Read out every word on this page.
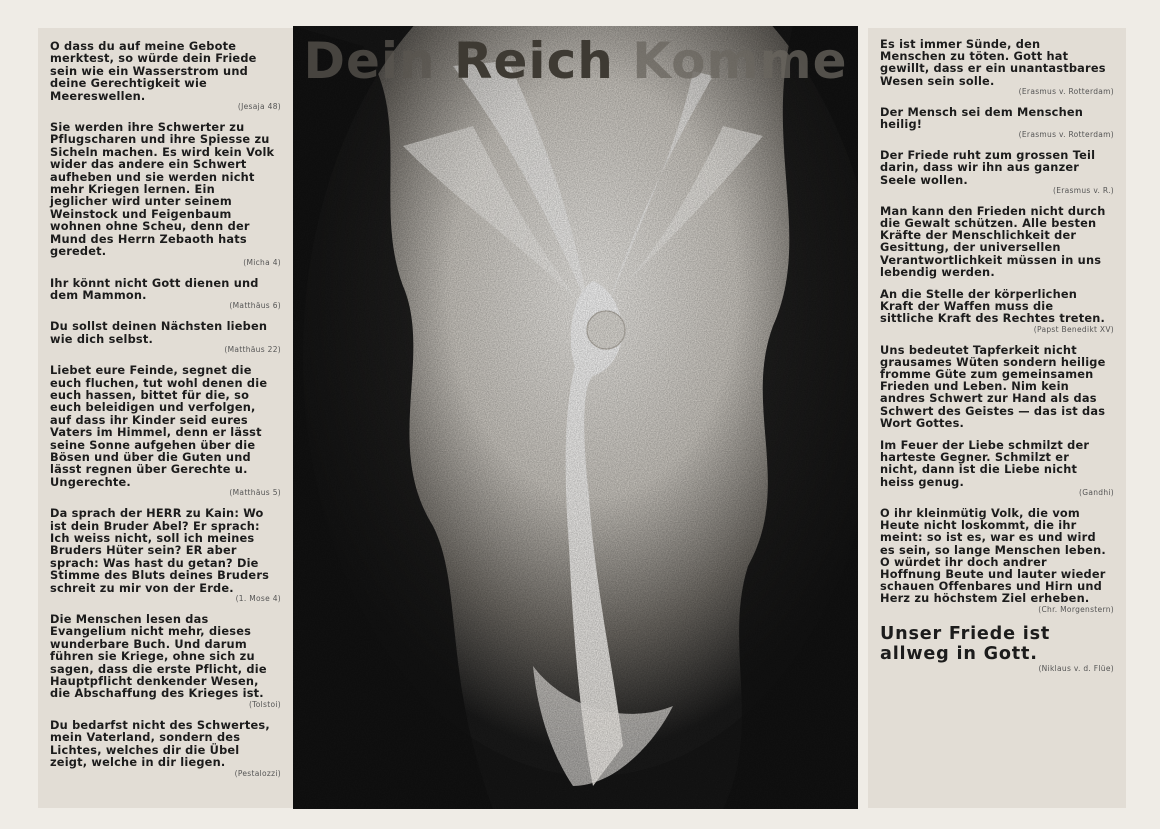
O dass du auf meine Gebote merktest, so würde dein Friede sein wie ein Wasserstrom und deine Gerechtigkeit wie Meereswellen.
(Jesaja 48)
Sie werden ihre Schwerter zu Pflugscharen und ihre Spiesse zu Sicheln machen. Es wird kein Volk wider das andere ein Schwert aufheben und sie werden nicht mehr Kriegen lernen. Ein jeglicher wird unter seinem Weinstock und Feigenbaum wohnen ohne Scheu, denn der Mund des Herrn Zebaoth hats geredet.
(Micha 4)
Ihr könnt nicht Gott dienen und dem Mammon.
(Matthäus 6)
Du sollst deinen Nächsten lieben wie dich selbst.
(Matthäus 22)
Liebet eure Feinde, segnet die euch fluchen, tut wohl denen die euch hassen, bittet für die, so euch beleidigen und verfolgen, auf dass ihr Kinder seid eures Vaters im Himmel, denn er lässt seine Sonne aufgehen über die Bösen und über die Guten und lässt regnen über Gerechte u. Ungerechte.
(Matthäus 5)
Da sprach der HERR zu Kain: Wo ist dein Bruder Abel? Er sprach: Ich weiss nicht, soll ich meines Bruders Hüter sein? ER aber sprach: Was hast du getan? Die Stimme des Bluts deines Bruders schreit zu mir von der Erde.
(1. Mose 4)
Die Menschen lesen das Evangelium nicht mehr, dieses wunderbare Buch. Und darum führen sie Kriege, ohne sich zu sagen, dass die erste Pflicht, die Hauptpflicht denkender Wesen, die Abschaffung des Krieges ist.
(Tolstoi)
Du bedarfst nicht des Schwertes, mein Vaterland, sondern des Lichtes, welches dir die Übel zeigt, welche in dir liegen.
(Pestalozzi)
Dein Reich Komme	Es ist immer Sünde, den Menschen zu töten. Gott hat gewillt, dass er ein unantastbares Wesen sein solle.
(Erasmus v. Rotterdam)
Der Mensch sei dem Menschen heilig!
(Erasmus v. Rotterdam)
Der Friede ruht zum grossen Teil darin, dass wir ihn aus ganzer Seele wollen.
(Erasmus v. R.)
Man kann den Frieden nicht durch die Gewalt schützen. Alle besten Kräfte der Menschlichkeit der Gesittung, der universellen Verantwortlichkeit müssen in uns lebendig werden.
An die Stelle der körperlichen Kraft der Waffen muss die sittliche Kraft des Rechtes treten.
(Papst Benedikt XV)
Uns bedeutet Tapferkeit nicht grausames Wüten sondern heilige fromme Güte zum gemeinsamen Frieden und Leben. Nim kein andres Schwert zur Hand als das Schwert des Geistes — das ist das Wort Gottes.
Im Feuer der Liebe schmilzt der harteste Gegner. Schmilzt er nicht, dann ist die Liebe nicht heiss genug.
(Gandhi)
O ihr kleinmütig Volk, die vom Heute nicht loskommt, die ihr meint: so ist es, war es und wird es sein, so lange Menschen leben. O würdet ihr doch andrer Hoffnung Beute und lauter wieder schauen Offenbares und Hirn und Herz zu höchstem Ziel erheben.
(Chr. Morgenstern)
Unser Friede ist allweg in Gott.
(Niklaus v. d. Flüe)
